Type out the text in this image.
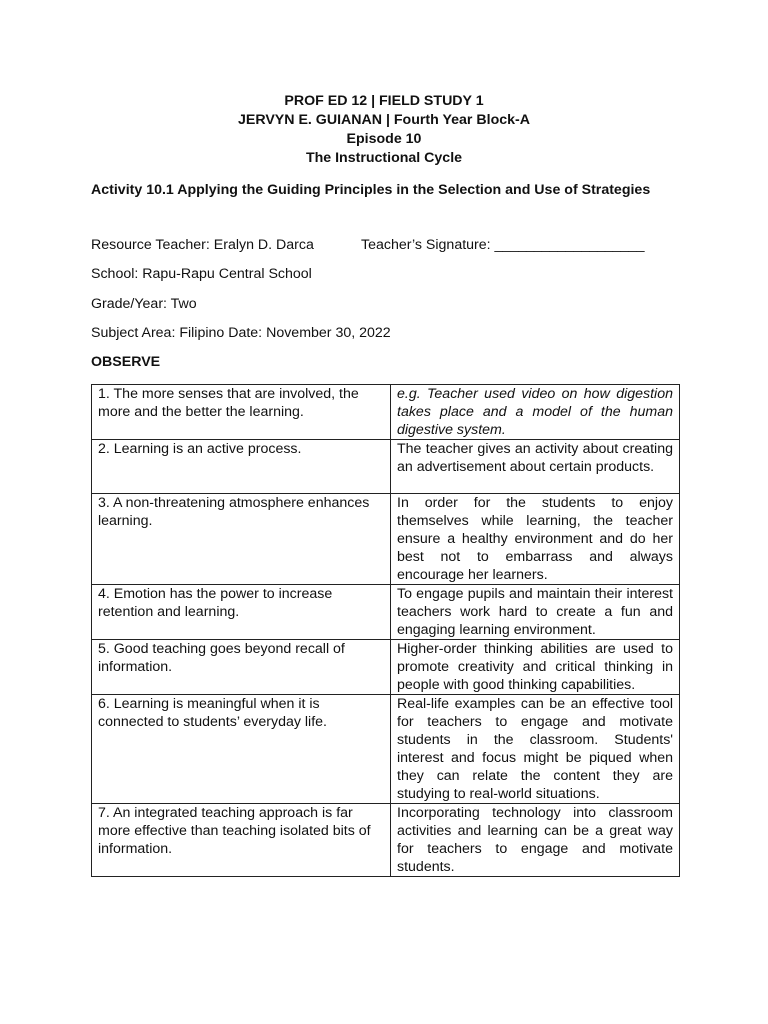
PROF ED 12 | FIELD STUDY 1
JERVYN E. GUIANAN | Fourth Year Block-A
Episode 10
The Instructional Cycle
Activity 10.1 Applying the Guiding Principles in the Selection and Use of Strategies
Resource Teacher: Eralyn D. Darca	Teacher’s Signature: ___________________
School: Rapu-Rapu Central School
Grade/Year: Two
Subject Area: Filipino Date: November 30, 2022
OBSERVE
1. The more senses that are involved, the more and the better the learning.	e.g. Teacher used video on how digestion takes place and a model of the human digestive system.
2. Learning is an active process.	The teacher gives an activity about creating an advertisement about certain products.
3. A non-threatening atmosphere enhances learning.	In order for the students to enjoy themselves while learning, the teacher ensure a healthy environment and do her best not to embarrass and always encourage her learners.
4. Emotion has the power to increase retention and learning.	To engage pupils and maintain their interest teachers work hard to create a fun and engaging learning environment.
5. Good teaching goes beyond recall of information.	Higher-order thinking abilities are used to promote creativity and critical thinking in people with good thinking capabilities.
6. Learning is meaningful when it is connected to students’ everyday life.	Real-life examples can be an effective tool for teachers to engage and motivate students in the classroom. Students' interest and focus might be piqued when they can relate the content they are studying to real-world situations.
7. An integrated teaching approach is far more effective than teaching isolated bits of information.	Incorporating technology into classroom activities and learning can be a great way for teachers to engage and motivate students.
